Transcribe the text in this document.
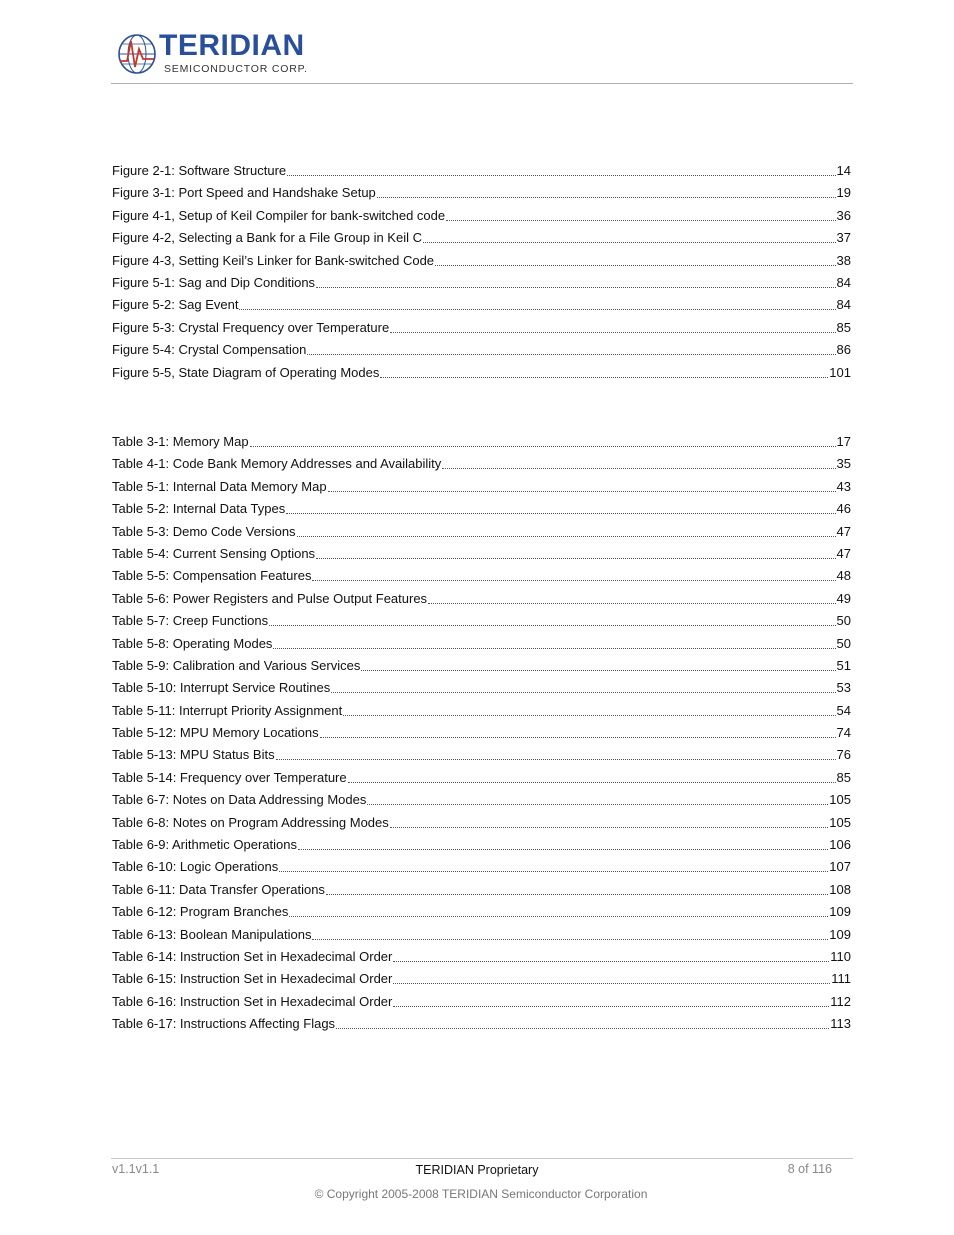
TERIDIAN
SEMICONDUCTOR CORP.
Figure 2-1: Software Structure	14
Figure 3-1: Port Speed and Handshake Setup	19
Figure 4-1, Setup of Keil Compiler for bank-switched code	36
Figure 4-2, Selecting a Bank for a File Group in Keil C	37
Figure 4-3, Setting Keil’s Linker for Bank-switched Code	38
Figure 5-1: Sag and Dip Conditions	84
Figure 5-2: Sag Event	84
Figure 5-3: Crystal Frequency over Temperature	85
Figure 5-4: Crystal Compensation	86
Figure 5-5, State Diagram of Operating Modes	101
Table 3-1: Memory Map	17
Table 4-1: Code Bank Memory Addresses and Availability	35
Table 5-1: Internal Data Memory Map	43
Table 5-2: Internal Data Types	46
Table 5-3: Demo Code Versions	47
Table 5-4: Current Sensing Options	47
Table 5-5: Compensation Features	48
Table 5-6: Power Registers and Pulse Output Features	49
Table 5-7: Creep Functions	50
Table 5-8: Operating Modes	50
Table 5-9: Calibration and Various Services	51
Table 5-10: Interrupt Service Routines	53
Table 5-11: Interrupt Priority Assignment	54
Table 5-12: MPU Memory Locations	74
Table 5-13: MPU Status Bits	76
Table 5-14: Frequency over Temperature	85
Table 6-7: Notes on Data Addressing Modes	105
Table 6-8: Notes on Program Addressing Modes	105
Table 6-9: Arithmetic Operations	106
Table 6-10: Logic Operations	107
Table 6-11: Data Transfer Operations	108
Table 6-12: Program Branches	109
Table 6-13: Boolean Manipulations	109
Table 6-14: Instruction Set in Hexadecimal Order	110
Table 6-15: Instruction Set in Hexadecimal Order	111
Table 6-16: Instruction Set in Hexadecimal Order	112
Table 6-17: Instructions Affecting Flags	113
v1.1v1.1	TERIDIAN Proprietary	8 of 116
© Copyright 2005-2008 TERIDIAN Semiconductor Corporation
